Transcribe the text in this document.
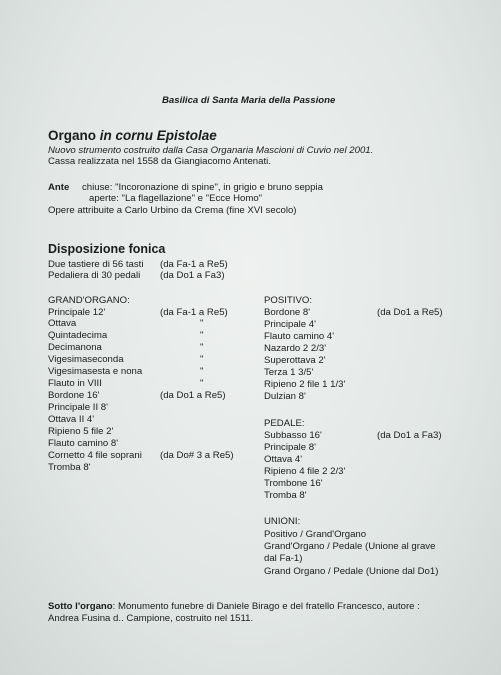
Basilica di Santa Maria della Passione
Organo in cornu Epistolae
Nuovo strumento costruito dalla Casa Organaria Mascioni di Cuvio nel 2001.
Cassa realizzata nel 1558 da Giangiacomo Antenati.
Ante chiuse: "Incoronazione di spine", in grigio e bruno seppia
aperte: "La flagellazione" e "Ecce Homo"
Opere attribuite a Carlo Urbino da Crema (fine XVI secolo)
Disposizione fonica
Due tastiere di 56 tasti (da Fa-1 a Re5)
Pedaliera di 30 pedali (da Do1 a Fa3)
GRAND'ORGANO:
Principale 12'	(da Fa-1 a Re5)
Ottava	"
Quintadecima	"
Decimanona	"
Vigesimaseconda	"
Vigesimasesta e nona	"
Flauto in VIII	"
Bordone 16'	(da Do1 a Re5)
Principale II 8'
Ottava II 4'
Ripieno 5 file 2'
Flauto camino 8'
Cornetto 4 file soprani (da Do# 3 a Re5)
Tromba 8'
POSITIVO:
Bordone 8'	(da Do1 a Re5)
Principale 4'
Flauto camino 4'
Nazardo 2 2/3'
Superottava 2'
Terza 1 3/5'
Ripieno 2 file 1 1/3'
Dulzian 8'
PEDALE:
Subbasso 16'	(da Do1 a Fa3)
Principale 8'
Ottava 4'
Ripieno 4 file 2 2/3'
Trombone 16'
Tromba 8'
UNIONI:
Positivo / Grand'Organo
Grand'Organo / Pedale (Unione al grave
dal Fa-1)
Grand Organo / Pedale (Unione dal Do1)
Sotto l'organo: Monumento funebre di Daniele Birago e del fratello Francesco, autore :
Andrea Fusina d.. Campione, costruito nel 1511.
